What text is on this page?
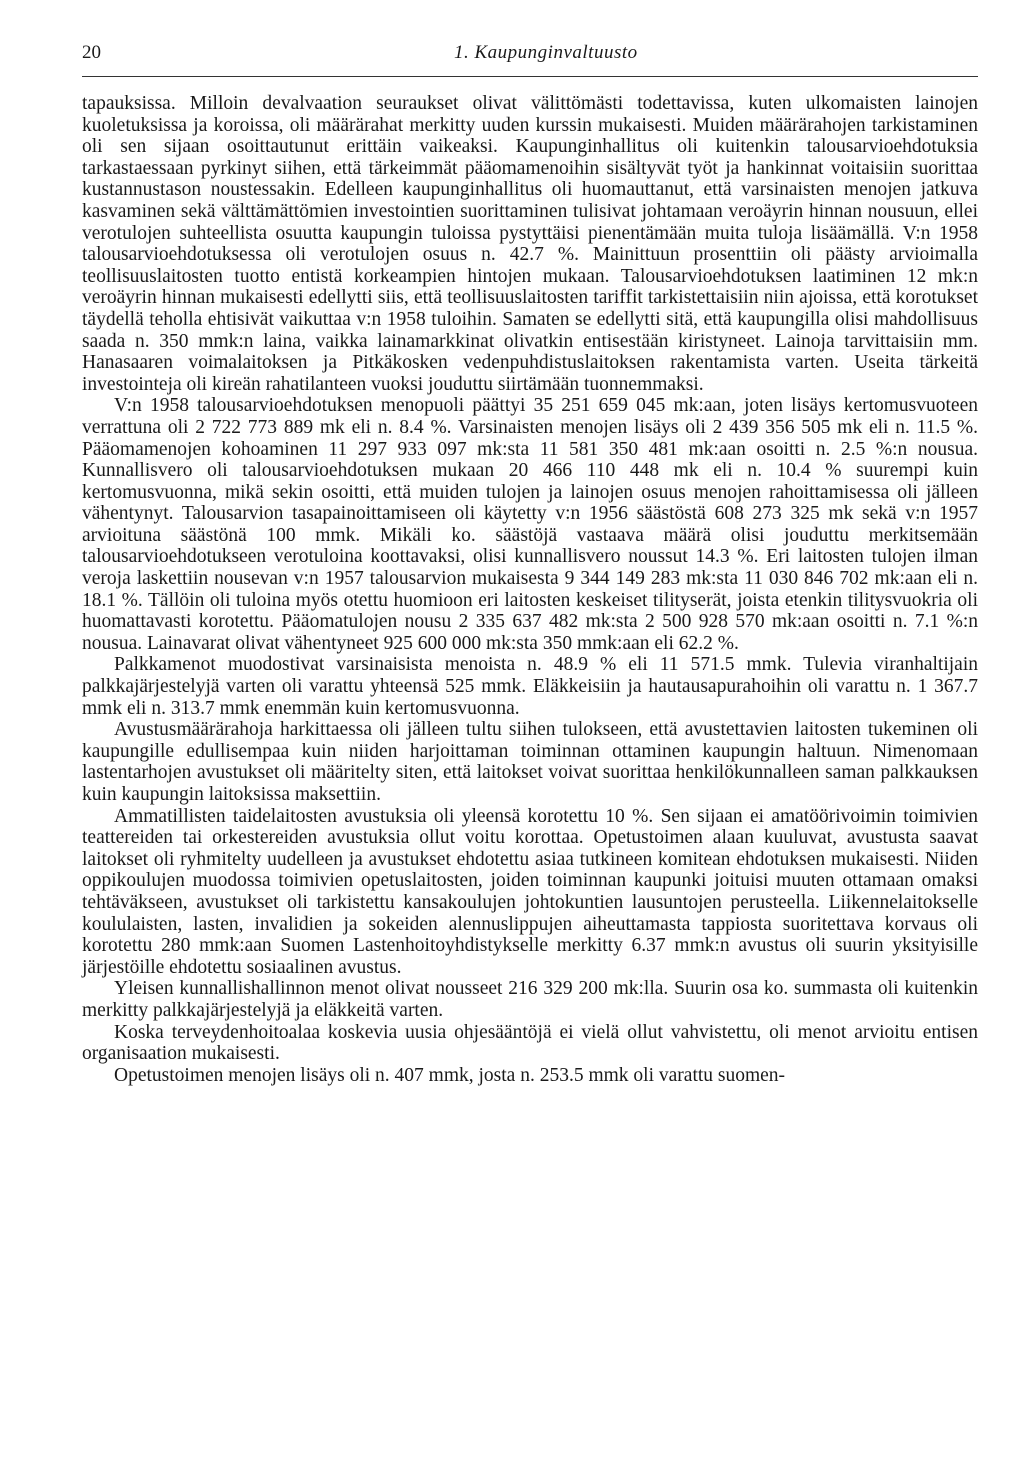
20	1. Kaupunginvaltuusto

tapauksissa. Milloin devalvaation seuraukset olivat välittömästi todettavissa, kuten ulkomaisten lainojen kuoletuksissa ja koroissa, oli määrärahat merkitty uuden kurssin mukaisesti. Muiden määrärahojen tarkistaminen oli sen sijaan osoittautunut erittäin vaikeaksi. Kaupunginhallitus oli kuitenkin talousarvioehdotuksia tarkastaessaan pyrkinyt siihen, että tärkeimmät pääomamenoihin sisältyvät työt ja hankinnat voitaisiin suorittaa kustannustason noustessakin. Edelleen kaupunginhallitus oli huomauttanut, että varsinaisten menojen jatkuva kasvaminen sekä välttämättömien investointien suorittaminen tulisivat johtamaan veroäyrin hinnan nousuun, ellei verotulojen suhteellista osuutta kaupungin tuloissa pystyttäisi pienentämään muita tuloja lisäämällä. V:n 1958 talousarvioehdotuksessa oli verotulojen osuus n. 42.7 %. Mainittuun prosenttiin oli päästy arvioimalla teollisuuslaitosten tuotto entistä korkeampien hintojen mukaan. Talousarvioehdotuksen laatiminen 12 mk:n veroäyrin hinnan mukaisesti edellytti siis, että teollisuuslaitosten tariffit tarkistettaisiin niin ajoissa, että korotukset täydellä teholla ehtisivät vaikuttaa v:n 1958 tuloihin. Samaten se edellytti sitä, että kaupungilla olisi mahdollisuus saada n. 350 mmk:n laina, vaikka lainamarkkinat olivatkin entisestään kiristyneet. Lainoja tarvittaisiin mm. Hanasaaren voimalaitoksen ja Pitkäkosken vedenpuhdistuslaitoksen rakentamista varten. Useita tärkeitä investointeja oli kireän rahatilanteen vuoksi jouduttu siirtämään tuonnemmaksi.

V:n 1958 talousarvioehdotuksen menopuoli päättyi 35 251 659 045 mk:aan, joten lisäys kertomusvuoteen verrattuna oli 2 722 773 889 mk eli n. 8.4 %. Varsinaisten menojen lisäys oli 2 439 356 505 mk eli n. 11.5 %. Pääomamenojen kohoaminen 11 297 933 097 mk:sta 11 581 350 481 mk:aan osoitti n. 2.5 %:n nousua. Kunnallisvero oli talousarvioehdotuksen mukaan 20 466 110 448 mk eli n. 10.4 % suurempi kuin kertomusvuonna, mikä sekin osoitti, että muiden tulojen ja lainojen osuus menojen rahoittamisessa oli jälleen vähentynyt. Talousarvion tasapainoittamiseen oli käytetty v:n 1956 säästöstä 608 273 325 mk sekä v:n 1957 arvioituna säästönä 100 mmk. Mikäli ko. säästöjä vastaava määrä olisi jouduttu merkitsemään talousarvioehdotukseen verotuloina koottavaksi, olisi kunnallisvero noussut 14.3 %. Eri laitosten tulojen ilman veroja laskettiin nousevan v:n 1957 talousarvion mukaisesta 9 344 149 283 mk:sta 11 030 846 702 mk:aan eli n. 18.1 %. Tällöin oli tuloina myös otettu huomioon eri laitosten keskeiset tilityserät, joista etenkin tilitysvuokria oli huomattavasti korotettu. Pääomatulojen nousu 2 335 637 482 mk:sta 2 500 928 570 mk:aan osoitti n. 7.1 %:n nousua. Lainavarat olivat vähentyneet 925 600 000 mk:sta 350 mmk:aan eli 62.2 %.

Palkkamenot muodostivat varsinaisista menoista n. 48.9 % eli 11 571.5 mmk. Tulevia viranhaltijain palkkajärjestelyjä varten oli varattu yhteensä 525 mmk. Eläkkeisiin ja hautausapurahoihin oli varattu n. 1 367.7 mmk eli n. 313.7 mmk enemmän kuin kertomusvuonna.

Avustusmäärärahoja harkittaessa oli jälleen tultu siihen tulokseen, että avustettavien laitosten tukeminen oli kaupungille edullisempaa kuin niiden harjoittaman toiminnan ottaminen kaupungin haltuun. Nimenomaan lastentarhojen avustukset oli määritelty siten, että laitokset voivat suorittaa henkilökunnalleen saman palkkauksen kuin kaupungin laitoksissa maksettiin.

Ammatillisten taidelaitosten avustuksia oli yleensä korotettu 10 %. Sen sijaan ei amatöörivoimin toimivien teattereiden tai orkestereiden avustuksia ollut voitu korottaa. Opetustoimen alaan kuuluvat, avustusta saavat laitokset oli ryhmitelty uudelleen ja avustukset ehdotettu asiaa tutkineen komitean ehdotuksen mukaisesti. Niiden oppikoulujen muodossa toimivien opetuslaitosten, joiden toiminnan kaupunki joituisi muuten ottamaan omaksi tehtäväkseen, avustukset oli tarkistettu kansakoulujen johtokuntien lausuntojen perusteella. Liikennelaitokselle koululaisten, lasten, invalidien ja sokeiden alennuslippujen aiheuttamasta tappiosta suoritettava korvaus oli korotettu 280 mmk:aan Suomen Lastenhoitoyhdistykselle merkitty 6.37 mmk:n avustus oli suurin yksityisille järjestöille ehdotettu sosiaalinen avustus.

Yleisen kunnallishallinnon menot olivat nousseet 216 329 200 mk:lla. Suurin osa ko. summasta oli kuitenkin merkitty palkkajärjestelyjä ja eläkkeitä varten.

Koska terveydenhoitoalaa koskevia uusia ohjesääntöjä ei vielä ollut vahvistettu, oli menot arvioitu entisen organisaation mukaisesti.

Opetustoimen menojen lisäys oli n. 407 mmk, josta n. 253.5 mmk oli varattu suomen-
